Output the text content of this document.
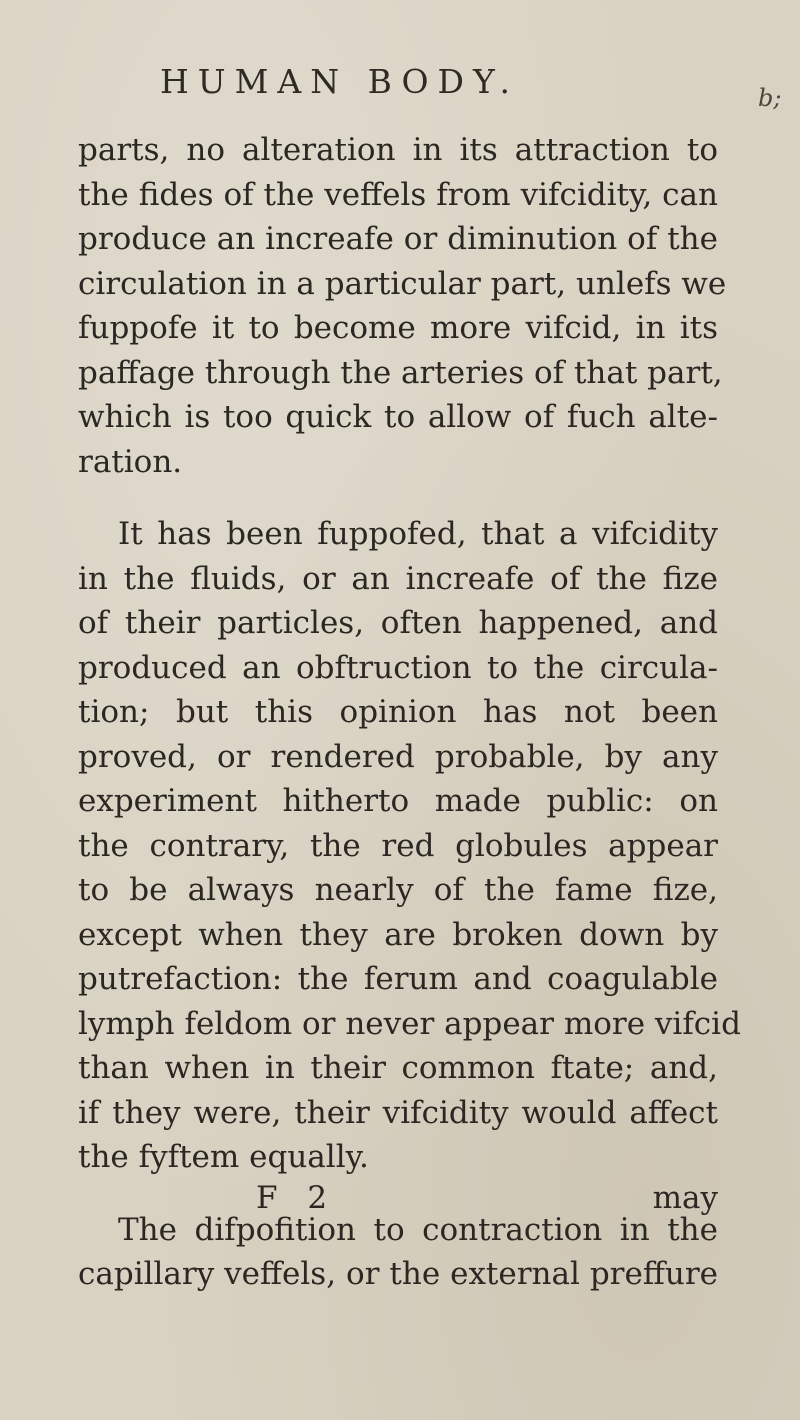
HUMAN BODY.	b;
parts, no alteration in its attraction to
the fides of the veffels from vifcidity, can
produce an increafe or diminution of the
circulation in a particular part, unlefs we
fuppofe it to become more vifcid, in its
paffage through the arteries of that part,
which is too quick to allow of fuch alte-
ration.
It has been fuppofed, that a vifcidity
in the fluids, or an increafe of the fize
of their particles, often happened, and
produced an obftruction to the circula-
tion; but this opinion has not been
proved, or rendered probable, by any
experiment hitherto made public: on
the contrary, the red globules appear
to be always nearly of the fame fize,
except when they are broken down by
putrefaction: the ferum and coagulable
lymph feldom or never appear more vifcid
than when in their common ftate; and,
if they were, their vifcidity would affect
the fyftem equally.
The difpofition to contraction in the
capillary veffels, or the external preffure
F 2	may
